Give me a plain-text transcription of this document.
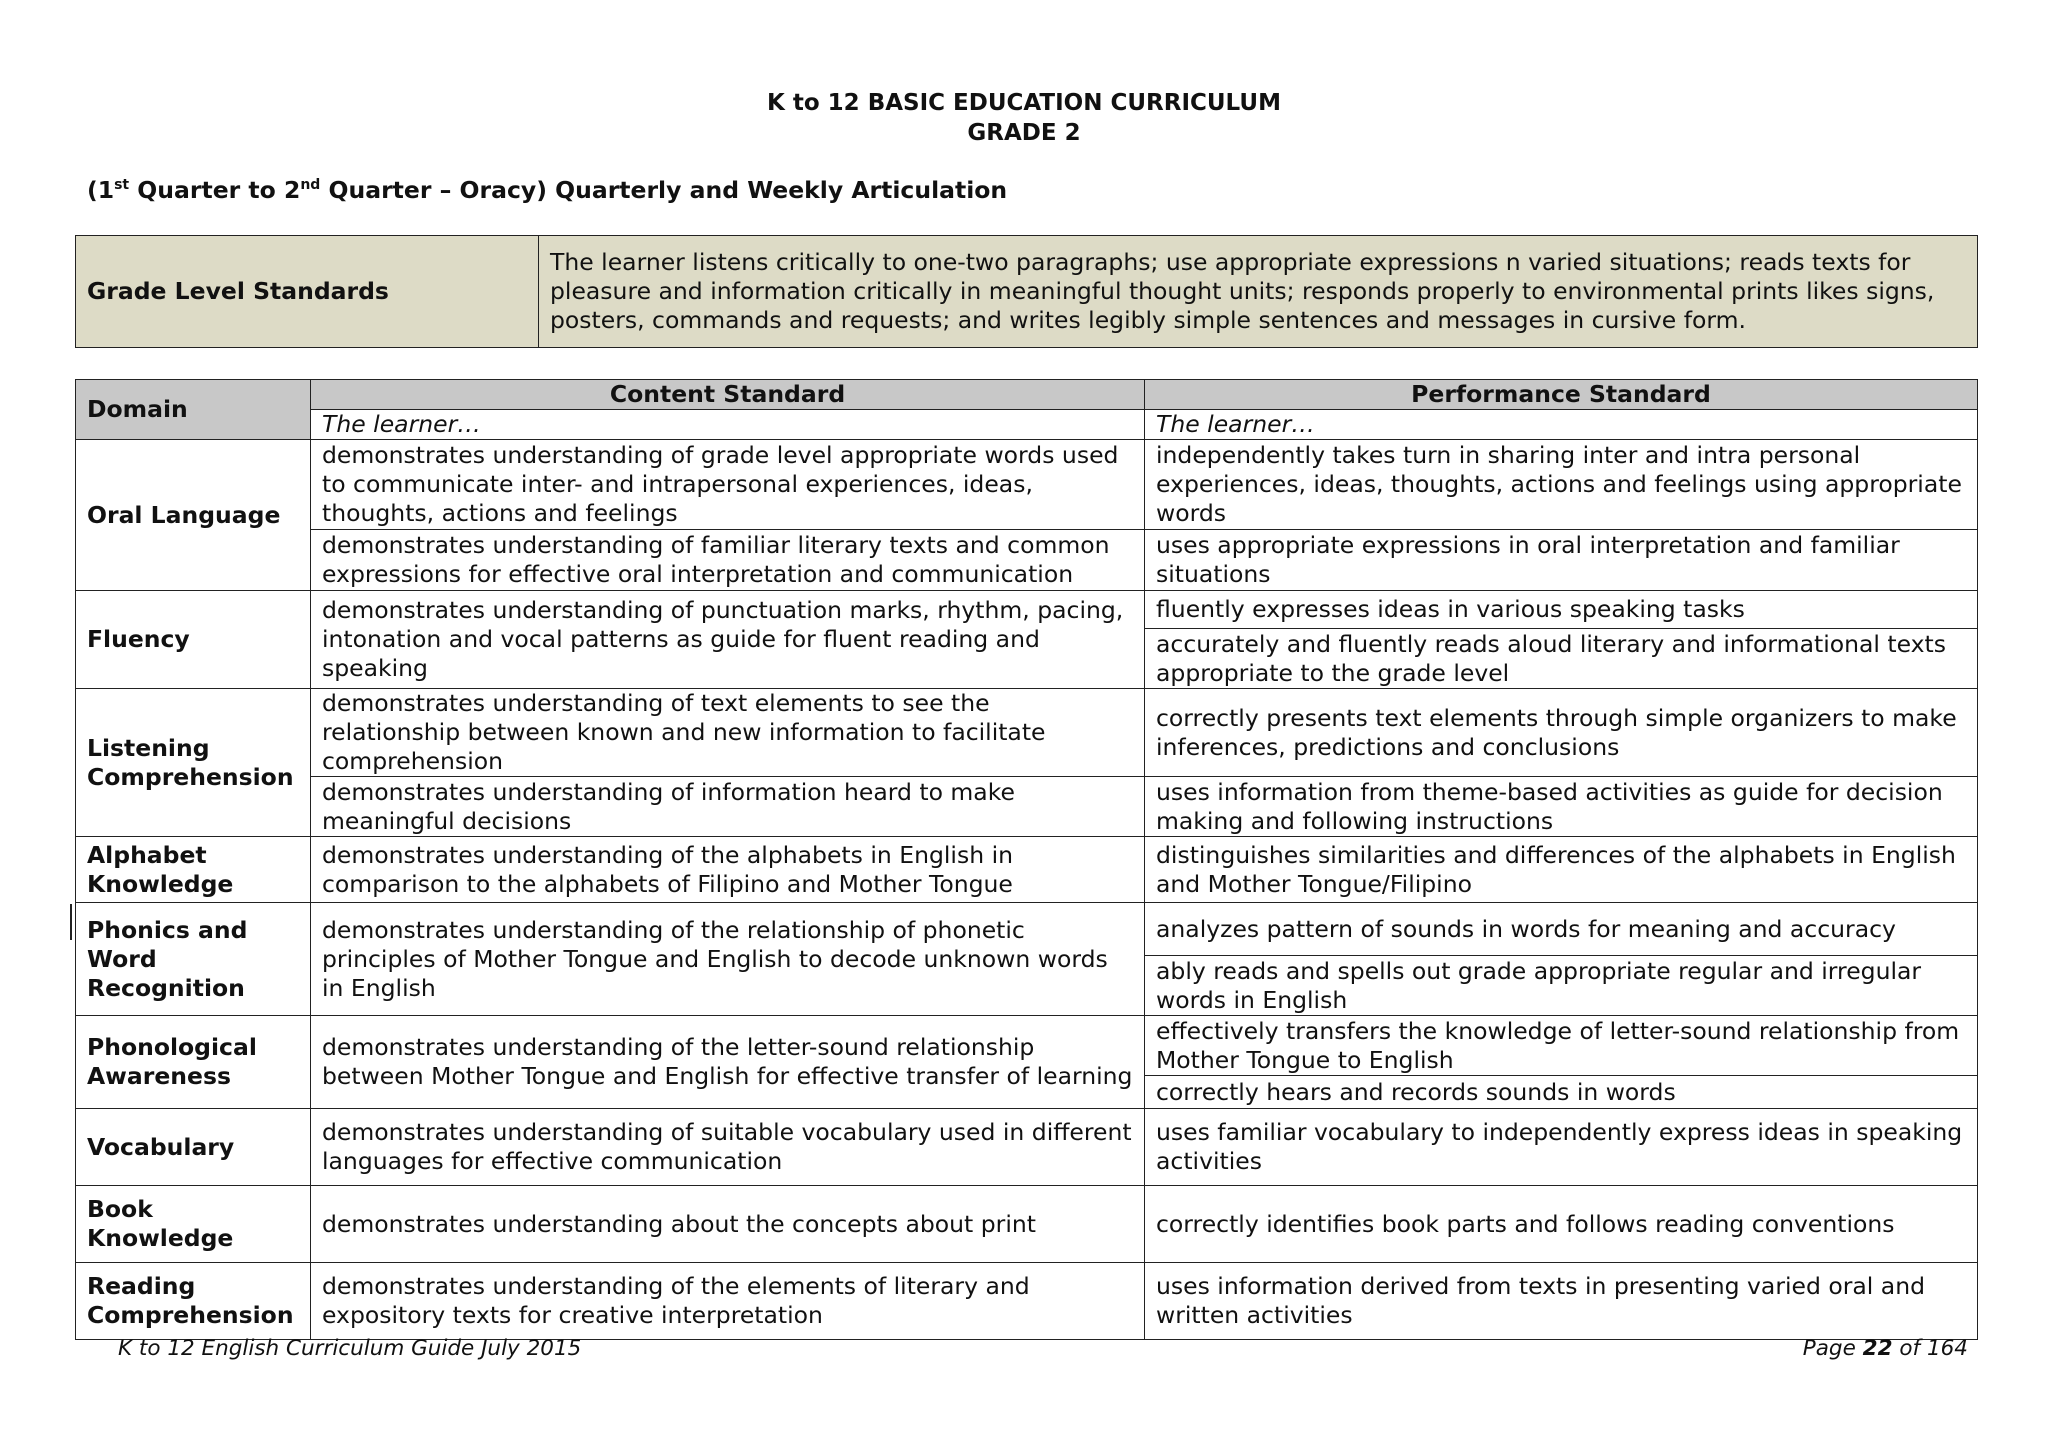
K to 12 BASIC EDUCATION CURRICULUM
GRADE 2
(1st Quarter to 2nd Quarter – Oracy) Quarterly and Weekly Articulation
Grade Level Standards	The learner listens critically to one-two paragraphs; use appropriate expressions n varied situations; reads texts for pleasure and information critically in meaningful thought units; responds properly to environmental prints likes signs, posters, commands and requests; and writes legibly simple sentences and messages in cursive form.
Domain	Content Standard	Performance Standard
	The learner…	The learner…
Oral Language	demonstrates understanding of grade level appropriate words used to communicate inter- and intrapersonal experiences, ideas, thoughts, actions and feelings	independently takes turn in sharing inter and intra personal experiences, ideas, thoughts, actions and feelings using appropriate words
	demonstrates understanding of familiar literary texts and common expressions for effective oral interpretation and communication	uses appropriate expressions in oral interpretation and familiar situations
Fluency	demonstrates understanding of punctuation marks, rhythm, pacing, intonation and vocal patterns as guide for fluent reading and speaking	fluently expresses ideas in various speaking tasks
		accurately and fluently reads aloud literary and informational texts appropriate to the grade level
Listening Comprehension	demonstrates understanding of text elements to see the relationship between known and new information to facilitate comprehension	correctly presents text elements through simple organizers to make inferences, predictions and conclusions
	demonstrates understanding of information heard to make meaningful decisions	uses information from theme-based activities as guide for decision making and following instructions
Alphabet Knowledge	demonstrates understanding of the alphabets in English in comparison to the alphabets of Filipino and Mother Tongue	distinguishes similarities and differences of the alphabets in English and Mother Tongue/Filipino
Phonics and Word Recognition	demonstrates understanding of the relationship of phonetic principles of Mother Tongue and English to decode unknown words in English	analyzes pattern of sounds in words for meaning and accuracy
		ably reads and spells out grade appropriate regular and irregular words in English
Phonological Awareness	demonstrates understanding of the letter-sound relationship between Mother Tongue and English for effective transfer of learning	effectively transfers the knowledge of letter-sound relationship from Mother Tongue to English
		correctly hears and records sounds in words
Vocabulary	demonstrates understanding of suitable vocabulary used in different languages for effective communication	uses familiar vocabulary to independently express ideas in speaking activities
Book Knowledge	demonstrates understanding about the concepts about print	correctly identifies book parts and follows reading conventions
Reading Comprehension	demonstrates understanding of the elements of literary and expository texts for creative interpretation	uses information derived from texts in presenting varied oral and written activities
K to 12 English Curriculum Guide July 2015	Page 22 of 164
